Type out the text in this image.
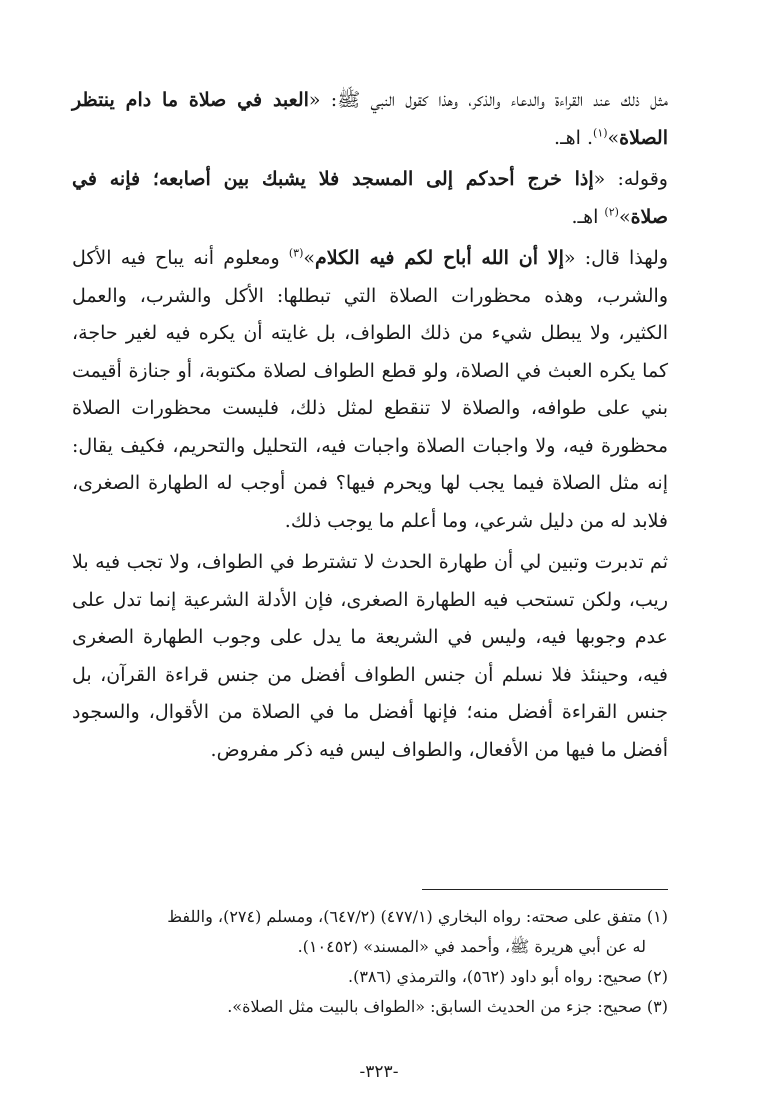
مثل ذلك عند القراءة والدعاء والذكر، وهذا كقول النبي ﷺ: «العبد في صلاة ما دام ينتظر الصلاة»$^{(١)}$. اهـ.

وقوله: «إذا خرج أحدكم إلى المسجد فلا يشبك بين أصابعه؛ فإنه في صلاة»$^{(٢)}$ اهـ.

ولهذا قال: «إلا أن الله أباح لكم فيه الكلام»$^{(٣)}$ ومعلوم أنه يباح فيه الأكل والشرب، وهذه محظورات الصلاة التي تبطلها: الأكل والشرب، والعمل الكثير، ولا يبطل شيء من ذلك الطواف، بل غايته أن يكره فيه لغير حاجة، كما يكره العبث في الصلاة، ولو قطع الطواف لصلاة مكتوبة، أو جنازة أقيمت بني على طوافه، والصلاة لا تنقطع لمثل ذلك، فليست محظورات الصلاة محظورة فيه، ولا واجبات الصلاة واجبات فيه، التحليل والتحريم، فكيف يقال: إنه مثل الصلاة فيما يجب لها ويحرم فيها؟ فمن أوجب له الطهارة الصغرى، فلابد له من دليل شرعي، وما أعلم ما يوجب ذلك.

ثم تدبرت وتبين لي أن طهارة الحدث لا تشترط في الطواف، ولا تجب فيه بلا ريب، ولكن تستحب فيه الطهارة الصغرى، فإن الأدلة الشرعية إنما تدل على عدم وجوبها فيه، وليس في الشريعة ما يدل على وجوب الطهارة الصغرى فيه، وحينئذ فلا نسلم أن جنس الطواف أفضل من جنس قراءة القرآن، بل جنس القراءة أفضل منه؛ فإنها أفضل ما في الصلاة من الأقوال، والسجود أفضل ما فيها من الأفعال، والطواف ليس فيه ذكر مفروض.

(١) متفق على صحته: رواه البخاري (٤٧٧/١) (٦٤٧/٢)، ومسلم (٢٧٤)، واللفظ
له عن أبي هريرة ﷺ، وأحمد في «المسند» (١٠٤٥٢).

(٢) صحيح: رواه أبو داود (٥٦٢)، والترمذي (٣٨٦).

(٣) صحيح: جزء من الحديث السابق: «الطواف بالبيت مثل الصلاة».

-٣٢٣-
